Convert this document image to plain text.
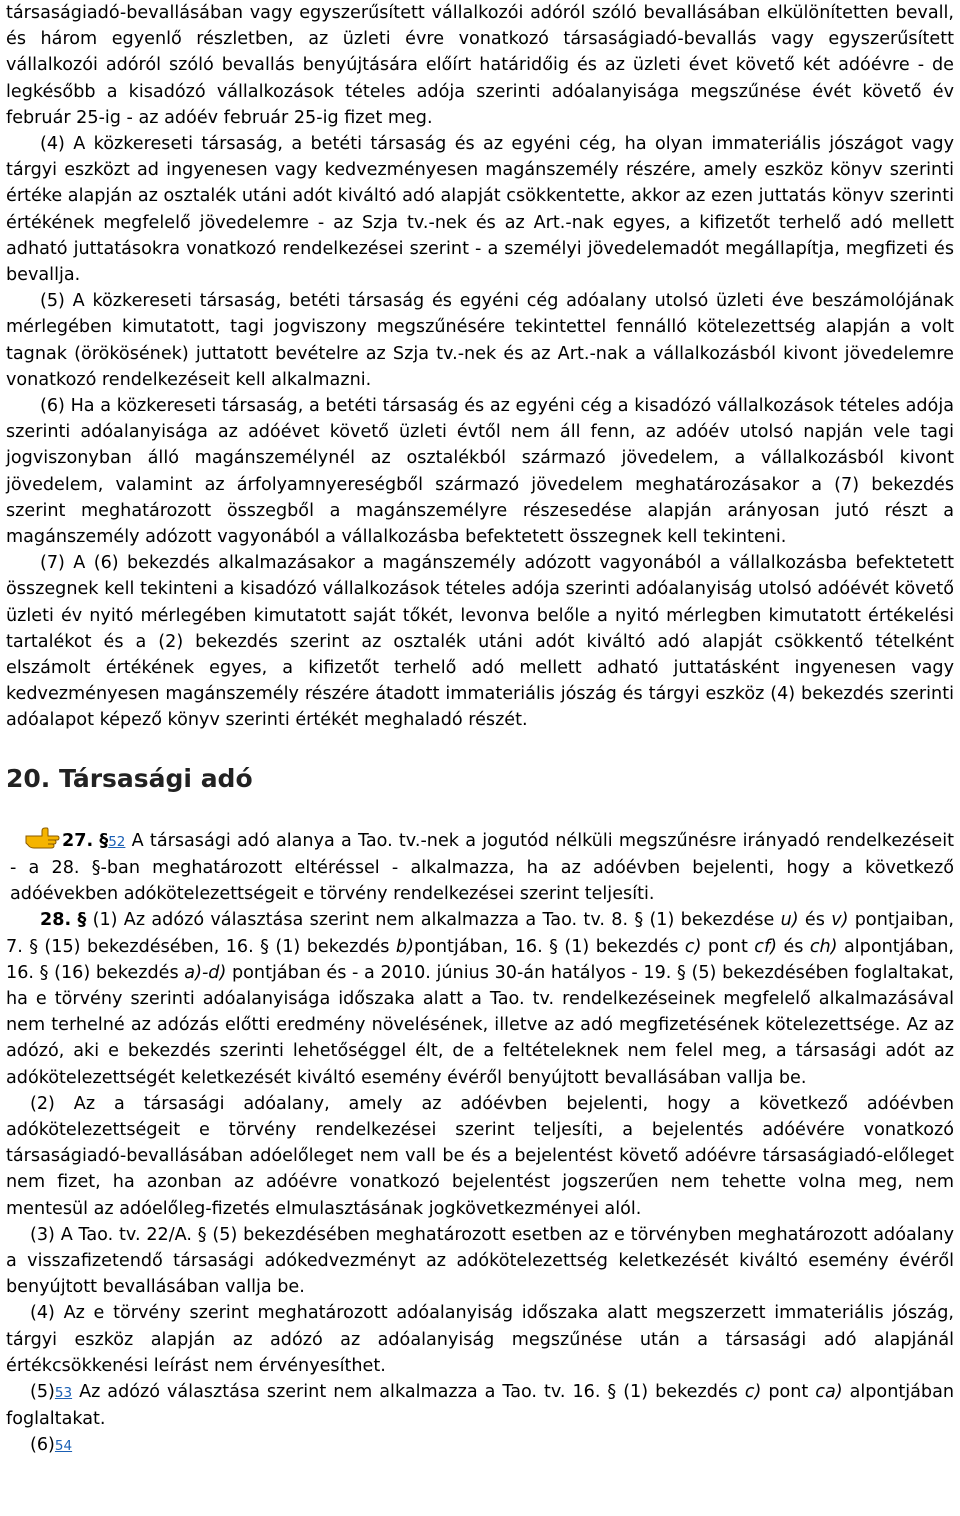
társaságiadó-bevallásában vagy egyszerűsített vállalkozói adóról szóló bevallásában elkülönítetten bevall, és három egyenlő részletben, az üzleti évre vonatkozó társaságiadó-bevallás vagy egyszerűsített vállalkozói adóról szóló bevallás benyújtására előírt határidőig és az üzleti évet követő két adóévre - de legkésőbb a kisadózó vállalkozások tételes adója szerinti adóalanyisága megszűnése évét követő év február 25-ig - az adóév február 25-ig fizet meg.

(4) A közkereseti társaság, a betéti társaság és az egyéni cég, ha olyan immateriális jószágot vagy tárgyi eszközt ad ingyenesen vagy kedvezményesen magánszemély részére, amely eszköz könyv szerinti értéke alapján az osztalék utáni adót kiváltó adó alapját csökkentette, akkor az ezen juttatás könyv szerinti értékének megfelelő jövedelemre - az Szja tv.-nek és az Art.-nak egyes, a kifizetőt terhelő adó mellett adható juttatásokra vonatkozó rendelkezései szerint - a személyi jövedelemadót megállapítja, megfizeti és bevallja.

(5) A közkereseti társaság, betéti társaság és egyéni cég adóalany utolsó üzleti éve beszámolójának mérlegében kimutatott, tagi jogviszony megszűnésére tekintettel fennálló kötelezettség alapján a volt tagnak (örökösének) juttatott bevételre az Szja tv.-nek és az Art.-nak a vállalkozásból kivont jövedelemre vonatkozó rendelkezéseit kell alkalmazni.

(6) Ha a közkereseti társaság, a betéti társaság és az egyéni cég a kisadózó vállalkozások tételes adója szerinti adóalanyisága az adóévet követő üzleti évtől nem áll fenn, az adóév utolsó napján vele tagi jogviszonyban álló magánszemélynél az osztalékból származó jövedelem, a vállalkozásból kivont jövedelem, valamint az árfolyamnyereségből származó jövedelem meghatározásakor a (7) bekezdés szerint meghatározott összegből a magánszemélyre részesedése alapján arányosan jutó részt a magánszemély adózott vagyonából a vállalkozásba befektetett összegnek kell tekinteni.

(7) A (6) bekezdés alkalmazásakor a magánszemély adózott vagyonából a vállalkozásba befektetett összegnek kell tekinteni a kisadózó vállalkozások tételes adója szerinti adóalanyiság utolsó adóévét követő üzleti év nyitó mérlegében kimutatott saját tőkét, levonva belőle a nyitó mérlegben kimutatott értékelési tartalékot és a (2) bekezdés szerint az osztalék utáni adót kiváltó adó alapját csökkentő tételként elszámolt értékének egyes, a kifizetőt terhelő adó mellett adható juttatásként ingyenesen vagy kedvezményesen magánszemély részére átadott immateriális jószág és tárgyi eszköz (4) bekezdés szerinti adóalapot képező könyv szerinti értékét meghaladó részét.

20. Társasági adó

27. §52 A társasági adó alanya a Tao. tv.-nek a jogutód nélküli megszűnésre irányadó rendelkezéseit - a 28. §-ban meghatározott eltéréssel - alkalmazza, ha az adóévben bejelenti, hogy a következő adóévekben adókötelezettségeit e törvény rendelkezései szerint teljesíti.

28. § (1) Az adózó választása szerint nem alkalmazza a Tao. tv. 8. § (1) bekezdése u) és v) pontjaiban, 7. § (15) bekezdésében, 16. § (1) bekezdés b)pontjában, 16. § (1) bekezdés c) pont cf) és ch) alpontjában, 16. § (16) bekezdés a)-d) pontjában és - a 2010. június 30-án hatályos - 19. § (5) bekezdésében foglaltakat, ha e törvény szerinti adóalanyisága időszaka alatt a Tao. tv. rendelkezéseinek megfelelő alkalmazásával nem terhelné az adózás előtti eredmény növelésének, illetve az adó megfizetésének kötelezettsége. Az az adózó, aki e bekezdés szerinti lehetőséggel élt, de a feltételeknek nem felel meg, a társasági adót az adókötelezettségét keletkezését kiváltó esemény évéről benyújtott bevallásában vallja be.

(2) Az a társasági adóalany, amely az adóévben bejelenti, hogy a következő adóévben adókötelezettségeit e törvény rendelkezései szerint teljesíti, a bejelentés adóévére vonatkozó társaságiadó-bevallásában adóelőleget nem vall be és a bejelentést követő adóévre társaságiadó-előleget nem fizet, ha azonban az adóévre vonatkozó bejelentést jogszerűen nem tehette volna meg, nem mentesül az adóelőleg-fizetés elmulasztásának jogkövetkezményei alól.

(3) A Tao. tv. 22/A. § (5) bekezdésében meghatározott esetben az e törvényben meghatározott adóalany a visszafizetendő társasági adókedvezményt az adókötelezettség keletkezését kiváltó esemény évéről benyújtott bevallásában vallja be.

(4) Az e törvény szerint meghatározott adóalanyiság időszaka alatt megszerzett immateriális jószág, tárgyi eszköz alapján az adózó az adóalanyiság megszűnése után a társasági adó alapjánál értékcsökkenési leírást nem érvényesíthet.

(5)53 Az adózó választása szerint nem alkalmazza a Tao. tv. 16. § (1) bekezdés c) pont ca) alpontjában foglaltakat.

(6)54
